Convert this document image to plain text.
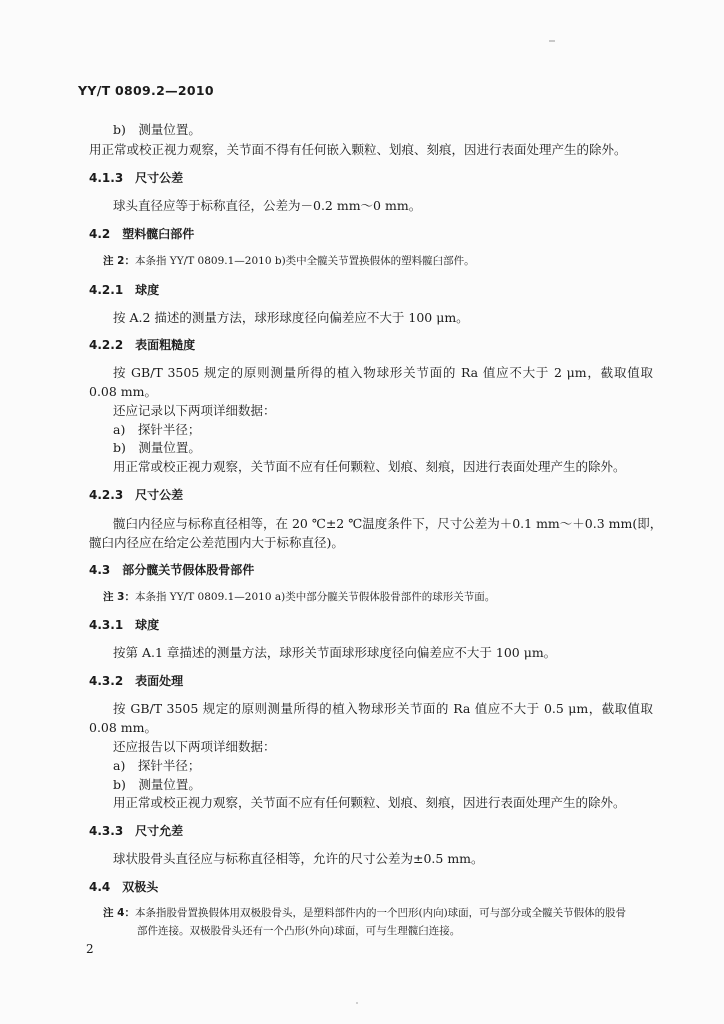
YY/T 0809.2—2010
b)　测量位置。
用正常或校正视力观察，关节面不得有任何嵌入颗粒、划痕、刻痕，因进行表面处理产生的除外。
4.1.3　尺寸公差
球头直径应等于标称直径，公差为－0.2 mm～0 mm。
4.2　塑料髋臼部件
注 2：本条指 YY/T 0809.1—2010 b)类中全髋关节置换假体的塑料髋臼部件。
4.2.1　球度
按 A.2 描述的测量方法，球形球度径向偏差应不大于 100 μm。
4.2.2　表面粗糙度
按 GB/T 3505 规定的原则测量所得的植入物球形关节面的 Ra 值应不大于 2 μm，截取值取
0.08 mm。
还应记录以下两项详细数据：
a)　探针半径；
b)　测量位置。
用正常或校正视力观察，关节面不应有任何颗粒、划痕、刻痕，因进行表面处理产生的除外。
4.2.3　尺寸公差
髋臼内径应与标称直径相等，在 20 ℃±2 ℃温度条件下，尺寸公差为＋0.1 mm～＋0.3 mm(即，
髋臼内径应在给定公差范围内大于标称直径)。
4.3　部分髋关节假体股骨部件
注 3：本条指 YY/T 0809.1—2010 a)类中部分髋关节假体股骨部件的球形关节面。
4.3.1　球度
按第 A.1 章描述的测量方法，球形关节面球形球度径向偏差应不大于 100 μm。
4.3.2　表面处理
按 GB/T 3505 规定的原则测量所得的植入物球形关节面的 Ra 值应不大于 0.5 μm，截取值取
0.08 mm。
还应报告以下两项详细数据：
a)　探针半径；
b)　测量位置。
用正常或校正视力观察，关节面不应有任何颗粒、划痕、刻痕，因进行表面处理产生的除外。
4.3.3　尺寸允差
球状股骨头直径应与标称直径相等，允许的尺寸公差为±0.5 mm。
4.4　双极头
注 4：本条指股骨置换假体用双极股骨头，是塑料部件内的一个凹形(内向)球面，可与部分或全髋关节假体的股骨
部件连接。双极股骨头还有一个凸形(外向)球面，可与生理髋臼连接。
2
